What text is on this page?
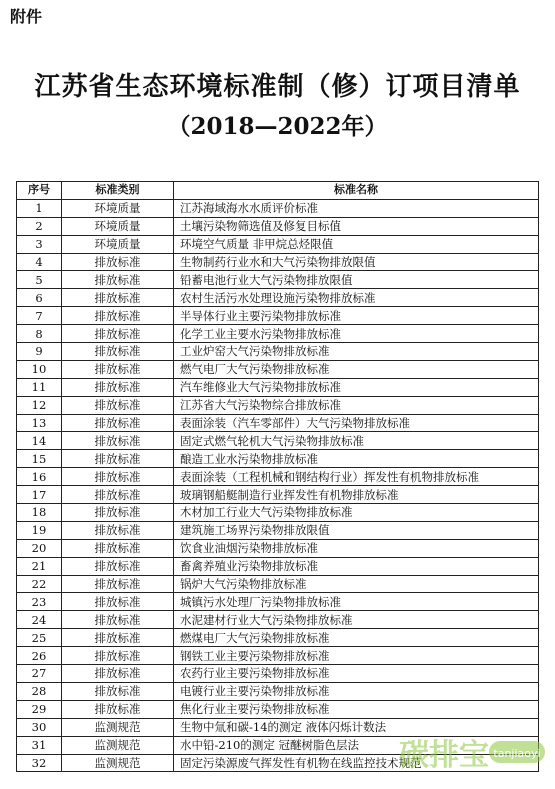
附件
江苏省生态环境标准制（修）订项目清单
（2018—2022年）
序号	标准类别	标准名称
1	环境质量	江苏海域海水水质评价标准
2	环境质量	土壤污染物筛选值及修复目标值
3	环境质量	环境空气质量 非甲烷总烃限值
4	排放标准	生物制药行业水和大气污染物排放限值
5	排放标准	铅蓄电池行业大气污染物排放限值
6	排放标准	农村生活污水处理设施污染物排放标准
7	排放标准	半导体行业主要污染物排放标准
8	排放标准	化学工业主要水污染物排放标准
9	排放标准	工业炉窑大气污染物排放标准
10	排放标准	燃气电厂大气污染物排放标准
11	排放标准	汽车维修业大气污染物排放标准
12	排放标准	江苏省大气污染物综合排放标准
13	排放标准	表面涂装（汽车零部件）大气污染物排放标准
14	排放标准	固定式燃气轮机大气污染物排放标准
15	排放标准	酿造工业水污染物排放标准
16	排放标准	表面涂装（工程机械和钢结构行业）挥发性有机物排放标准
17	排放标准	玻璃钢船艇制造行业挥发性有机物排放标准
18	排放标准	木材加工行业大气污染物排放标准
19	排放标准	建筑施工场界污染物排放限值
20	排放标准	饮食业油烟污染物排放标准
21	排放标准	畜禽养殖业污染物排放标准
22	排放标准	锅炉大气污染物排放标准
23	排放标准	城镇污水处理厂污染物排放标准
24	排放标准	水泥建材行业大气污染物排放标准
25	排放标准	燃煤电厂大气污染物排放标准
26	排放标准	钢铁工业主要污染物排放标准
27	排放标准	农药行业主要污染物排放标准
28	排放标准	电镀行业主要污染物排放标准
29	排放标准	焦化行业主要污染物排放标准
30	监测规范	生物中氚和碳-14的测定 液体闪烁计数法
31	监测规范	水中铅-210的测定 冠醚树脂色层法
32	监测规范	固定污染源废气挥发性有机物在线监控技术规范
碳排宝 tanjiaoyi
